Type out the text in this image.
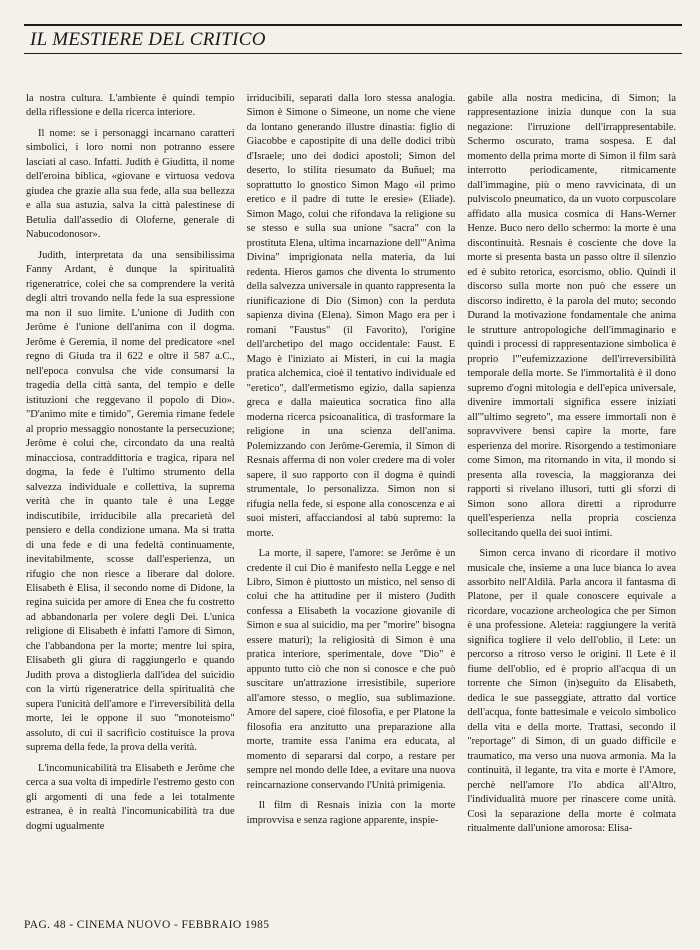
IL MESTIERE DEL CRITICO

la nostra cultura. L'ambiente è quindi tempio della riflessione e della ricerca interiore.

Il nome: se i personaggi incarnano caratteri simbolici, i loro nomi non potranno essere lasciati al caso. Infatti. Judith è Giuditta, il nome dell'eroina biblica, «giovane e virtuosa vedova giudea che grazie alla sua fede, alla sua bellezza e alla sua astuzia, salva la città palestinese di Betulia dall'assedio di Oloferne, generale di Nabucodonosor».

Judith, interpretata da una sensibilissima Fanny Ardant, è dunque la spiritualità rigeneratrice, colei che sa comprendere la verità degli altri trovando nella fede la sua espressione ma non il suo limite. L'unione di Judith con Jerôme è l'unione dell'anima con il dogma. Jerôme è Geremia, il nome del predicatore «nel regno di Giuda tra il 622 e oltre il 587 a.C., nell'epoca convulsa che vide consumarsi la tragedia della città santa, del tempio e delle istituzioni che reggevano il popolo di Dio». "D'animo mite e timido", Geremia rimane fedele al proprio messaggio nonostante la persecuzione; Jerôme è colui che, circondato da una realtà minacciosa, contraddittoria e tragica, ripara nel dogma, la fede è l'ultimo strumento della salvezza individuale e collettiva, la suprema verità che in quanto tale è una Legge indiscutibile, irriducibile alla precarietà del pensiero e della condizione umana. Ma si tratta di una fede e di una fedeltà continuamente, inevitabilmente, scosse dall'esperienza, un rifugio che non riesce a liberare dal dolore. Elisabeth è Elisa, il secondo nome di Didone, la regina suicida per amore di Enea che fu costretto ad abbandonarla per volere degli Dei. L'unica religione di Elisabeth è infatti l'amore di Simon, che l'abbandona per la morte; mentre lui spira, Elisabeth gli giura di raggiungerlo e quando Judith prova a distoglierla dall'idea del suicidio con la virtù rigeneratrice della spiritualità che supera l'unicità dell'amore e l'irreversibilità della morte, lei le oppone il suo "monoteismo" assoluto, di cui il sacrificio costituisce la prova suprema della fede, la prova della verità.

L'incomunicabilità tra Elisabeth e Jerôme che cerca a sua volta di impedirle l'estremo gesto con gli argomenti di una fede a lei totalmente estranea, è in realtà l'incomunicabilità tra due dogmi ugualmente

irriducibili, separati dalla loro stessa analogia. Simon è Simone o Simeone, un nome che viene da lontano generando illustre dinastia: figlio di Giacobbe e capostipite di una delle dodici tribù d'Israele; uno dei dodici apostoli; Simon del deserto, lo stilita riesumato da Buñuel; ma soprattutto lo gnostico Simon Mago «il primo eretico e il padre di tutte le eresie» (Eliade). Simon Mago, colui che rifondava la religione su se stesso e sulla sua unione "sacra" con la prostituta Elena, ultima incarnazione dell'"Anima Divina" imprigionata nella materia, da lui redenta. Hieros gamos che diventa lo strumento della salvezza universale in quanto rappresenta la riunificazione di Dio (Simon) con la perduta sapienza divina (Elena). Simon Mago era per i romani "Faustus" (il Favorito), l'origine dell'archetipo del mago occidentale: Faust. E Mago è l'iniziato ai Misteri, in cui la magia pratica alchemica, cioè il tentativo individuale ed "eretico", dall'ermetismo egizio, dalla sapienza greca e dalla maieutica socratica fino alla moderna ricerca psicoanalitica, di trasformare la religione in una scienza dell'anima. Polemizzando con Jerôme-Geremia, il Simon di Resnais afferma di non voler credere ma di voler sapere, il suo rapporto con il dogma è quindi strumentale, lo personalizza. Simon non si rifugia nella fede, si espone alla conoscenza e ai suoi misteri, affacciandosi al tabù supremo: la morte.

La morte, il sapere, l'amore: se Jerôme è un credente il cui Dio è manifesto nella Legge e nel Libro, Simon è piuttosto un mistico, nel senso di colui che ha attitudine per il mistero (Judith confessa a Elisabeth la vocazione giovanile di Simon e sua al suicidio, ma per "morire" bisogna essere maturi); la religiosità di Simon è una pratica interiore, sperimentale, dove "Dio" è appunto tutto ciò che non si conosce e che può suscitare un'attrazione irresistibile, superiore all'amore stesso, o meglio, sua sublimazione. Amore del sapere, cioè filosofia, e per Platone la filosofia era anzitutto una preparazione alla morte, tramite essa l'anima era educata, al momento di separarsi dal corpo, a restare per sempre nel mondo delle Idee, a evitare una nuova reincarnazione conservando l'Unità primigenia.

Il film di Resnais inizia con la morte improvvisa e senza ragione apparente, inspie-

gabile alla nostra medicina, di Simon; la rappresentazione inizia dunque con la sua negazione: l'irruzione dell'irrappresentabile. Schermo oscurato, trama sospesa. E dal momento della prima morte di Simon il film sarà interrotto periodicamente, ritmicamente dall'immagine, più o meno ravvicinata, di un pulviscolo pneumatico, da un vuoto corpuscolare affidato alla musica cosmica di Hans-Werner Henze. Buco nero dello schermo: la morte è una discontinuità. Resnais è cosciente che dove la morte si presenta basta un passo oltre il silenzio ed è subito retorica, esorcismo, oblio. Quindi il discorso sulla morte non può che essere un discorso indiretto, è la parola del muto; secondo Durand la motivazione fondamentale che anima le strutture antropologiche dell'immaginario e quindi i processi di rappresentazione simbolica è proprio l'"eufemizzazione dell'irreversibilità temporale della morte. Se l'immortalità è il dono supremo d'ogni mitologia e dell'epica universale, divenire immortali significa essere iniziati all'"ultimo segreto", ma essere immortali non è sopravvivere bensì capire la morte, fare esperienza del morire. Risorgendo a testimoniare come Simon, ma ritornando in vita, il mondo si presenta alla rovescia, la maggioranza dei rapporti si rivelano illusori, tutti gli sforzi di Simon sono allora diretti a riprodurre quell'esperienza nella propria coscienza sollecitando quella dei suoi intimi.

Simon cerca invano di ricordare il motivo musicale che, insieme a una luce bianca lo avea assorbito nell'Aldilà. Parla ancora il fantasma di Platone, per il quale conoscere equivale a ricordare, vocazione archeologica che per Simon è una professione. Aleteia: raggiungere la verità significa togliere il velo dell'oblio, il Lete: un percorso a ritroso verso le origini. Il Lete è il fiume dell'oblio, ed è proprio all'acqua di un torrente che Simon (in)seguito da Elisabeth, dedica le sue passeggiate, attratto dal vortice dell'acqua, fonte battesimale e veicolo simbolico della vita e della morte. Trattasi, secondo il "reportage" di Simon, di un guado difficile e traumatico, ma verso una nuova armonia. Ma la continuità, il legante, tra vita e morte è l'Amore, perchè nell'amore l'Io abdica all'Altro, l'individualità muore per rinascere come unità. Così la separazione della morte è colmata ritualmente dall'unione amorosa: Elisa-

PAG. 48 - CINEMA NUOVO - FEBBRAIO 1985
